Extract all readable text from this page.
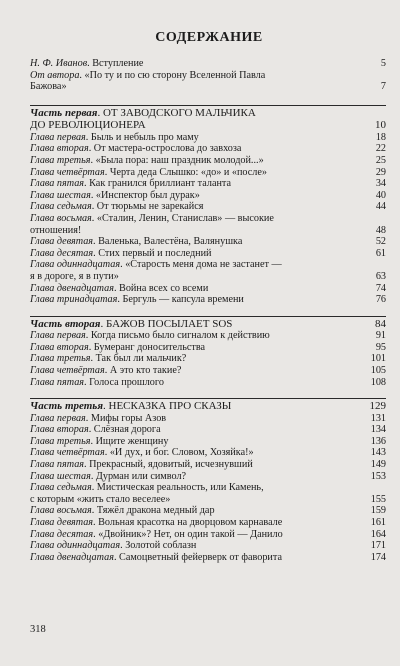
СОДЕРЖАНИЕ
Н. Ф. Иванов. Вступление	5
От автора. «По ту и по сю сторону Вселенной Павла
Бажова»	7
Часть первая. ОТ ЗАВОДСКОГО МАЛЬЧИКА
ДО РЕВОЛЮЦИОНЕРА	10
Глава первая. Быль и небыль про маму	18
Глава вторая. От мастера-острослова до завхоза	22
Глава третья. «Была пора: наш праздник молодой...»	25
Глава четвёртая. Черта деда Слышко: «до» и «после»	29
Глава пятая. Как гранился бриллиант таланта	34
Глава шестая. «Инспектор был дурак»	40
Глава седьмая. От тюрьмы не зарекайся	44
Глава восьмая. «Сталин, Ленин, Станислав» — высокие
отношения!	48
Глава девятая. Валенька, Валестёна, Валянушка	52
Глава десятая. Стих первый и последний	61
Глава одиннадцатая. «Старость меня дома не застанет —
я в дороге, я в пути»	63
Глава двенадцатая. Война всех со всеми	74
Глава тринадцатая. Бергуль — капсула времени	76
Часть вторая. БАЖОВ ПОСЫЛАЕТ SOS	84
Глава первая. Когда письмо было сигналом к действию	91
Глава вторая. Бумеранг доносительства	95
Глава третья. Так был ли мальчик?	101
Глава четвёртая. А это кто такие?	105
Глава пятая. Голоса прошлого	108
Часть третья. НЕСКАЗКА ПРО СКАЗЫ	129
Глава первая. Мифы горы Азов	131
Глава вторая. Слёзная дорога	134
Глава третья. Ищите женщину	136
Глава четвёртая. «И дух, и бог. Словом, Хозяйка!»	143
Глава пятая. Прекрасный, ядовитый, исчезнувший	149
Глава шестая. Дурман или символ?	153
Глава седьмая. Мистическая реальность, или Камень,
с которым «жить стало веселее»	155
Глава восьмая. Тяжёл дракона медный дар	159
Глава девятая. Вольная красотка на дворцовом карнавале	161
Глава десятая. «Двойник»? Нет, он один такой — Данило	164
Глава одиннадцатая. Золотой соблазн	171
Глава двенадцатая. Самоцветный фейерверк от фаворита	174
318
